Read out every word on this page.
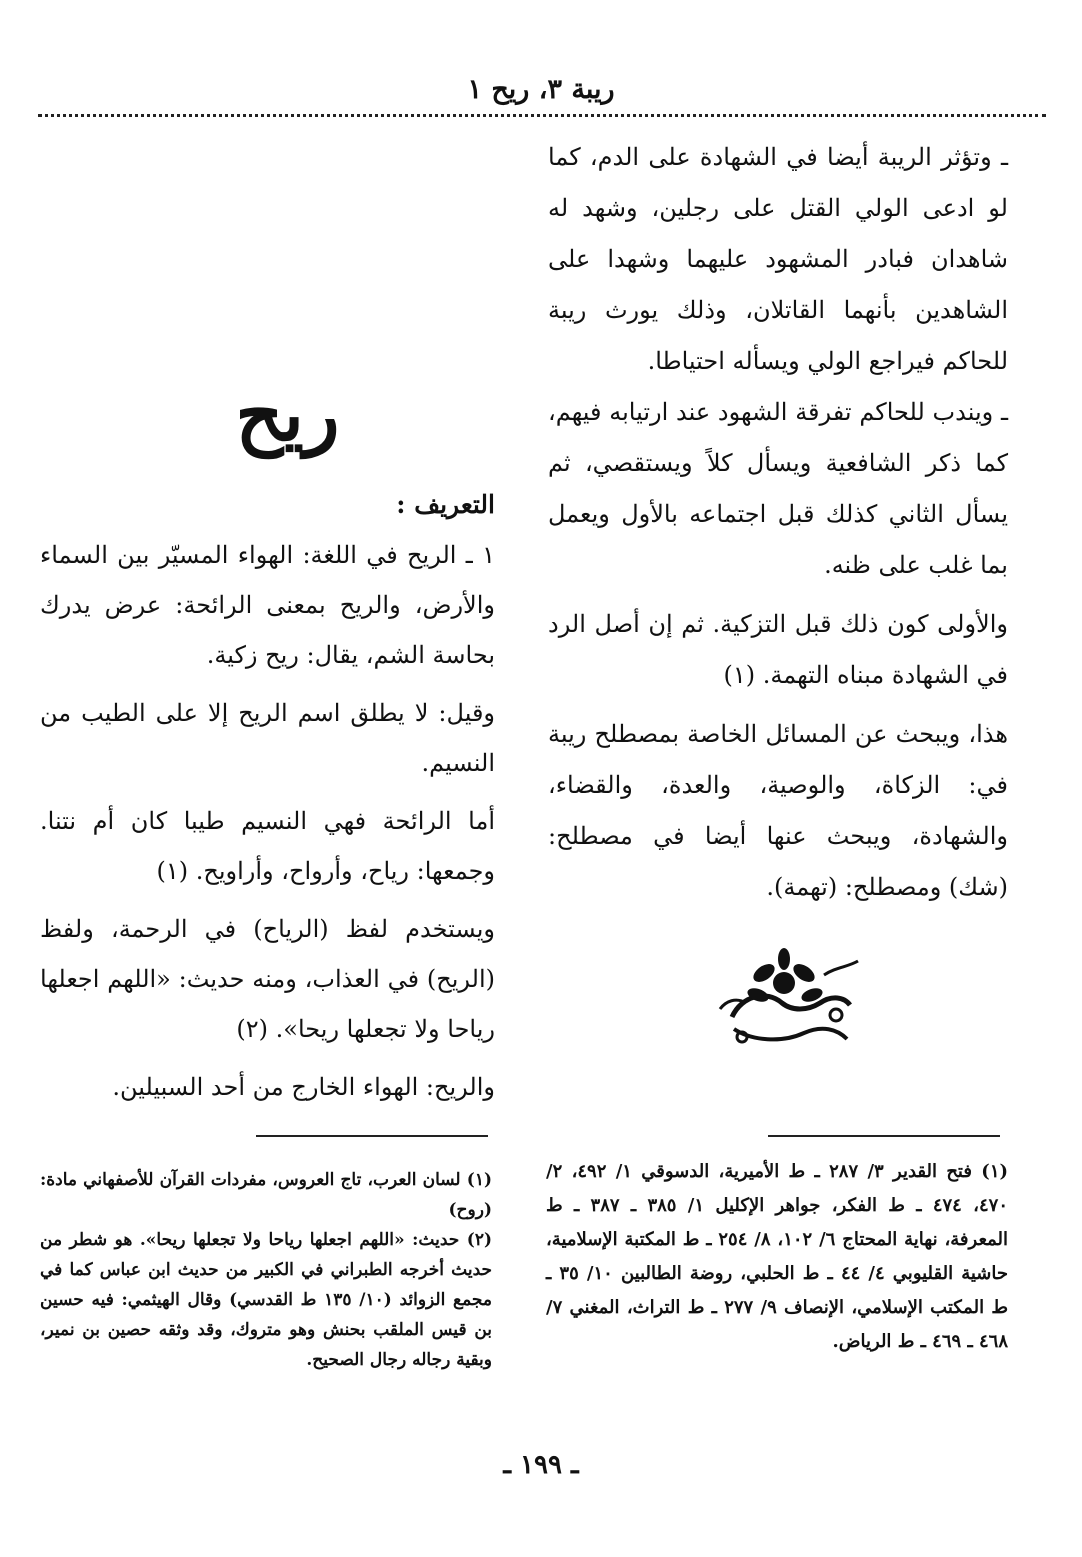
ريبة ٣، ريح ١

ـ وتؤثر الريبة أيضا في الشهادة على الدم، كما لو ادعى الولي القتل على رجلين، وشهد له شاهدان فبادر المشهود عليهما وشهدا على الشاهدين بأنهما القاتلان، وذلك يورث ريبة للحاكم فيراجع الولي ويسأله احتياطا.

ـ ويندب للحاكم تفرقة الشهود عند ارتيابه فيهم، كما ذكر الشافعية ويسأل كلاً ويستقصي، ثم يسأل الثاني كذلك قبل اجتماعه بالأول ويعمل بما غلب على ظنه.

والأولى كون ذلك قبل التزكية. ثم إن أصل الرد في الشهادة مبناه التهمة. (١)

هذا، ويبحث عن المسائل الخاصة بمصطلح ريبة في: الزكاة، والوصية، والعدة، والقضاء، والشهادة، ويبحث عنها أيضا في مصطلح: (شك) ومصطلح: (تهمة).

ريح

التعريف :

١ ـ الريح في اللغة: الهواء المسيّر بين السماء والأرض، والريح بمعنى الرائحة: عرض يدرك بحاسة الشم، يقال: ريح زكية.

وقيل: لا يطلق اسم الريح إلا على الطيب من النسيم.

أما الرائحة فهي النسيم طيبا كان أم نتنا. وجمعها: رياح، وأرواح، وأراويح. (١)

ويستخدم لفظ (الرياح) في الرحمة، ولفظ (الريح) في العذاب، ومنه حديث: «اللهم اجعلها رياحا ولا تجعلها ريحا». (٢)

والريح: الهواء الخارج من أحد السبيلين.

(١) فتح القدير ٣/ ٢٨٧ ـ ط الأميرية، الدسوقي ١/ ٤٩٢، ٢/ ٤٧٠، ٤٧٤ ـ ط الفكر، جواهر الإكليل ١/ ٣٨٥ ـ ٣٨٧ ـ ط المعرفة، نهاية المحتاج ٦/ ١٠٢، ٨/ ٢٥٤ ـ ط المكتبة الإسلامية، حاشية القليوبي ٤/ ٤٤ ـ ط الحلبي، روضة الطالبين ١٠/ ٣٥ ـ ط المكتب الإسلامي، الإنصاف ٩/ ٢٧٧ ـ ط التراث، المغني ٧/ ٤٦٨ ـ ٤٦٩ ـ ط الرياض.

(١) لسان العرب، تاج العروس، مفردات القرآن للأصفهاني مادة: (روح)

(٢) حديث: «اللهم اجعلها رياحا ولا تجعلها ريحا». هو شطر من حديث أخرجه الطبراني في الكبير من حديث ابن عباس كما في مجمع الزوائد (١٠/ ١٣٥ ط القدسي) وقال الهيثمي: فيه حسين بن قيس الملقب بحنش وهو متروك، وقد وثقه حصين بن نمير، وبقية رجاله رجال الصحيح.

ـ ١٩٩ ـ
